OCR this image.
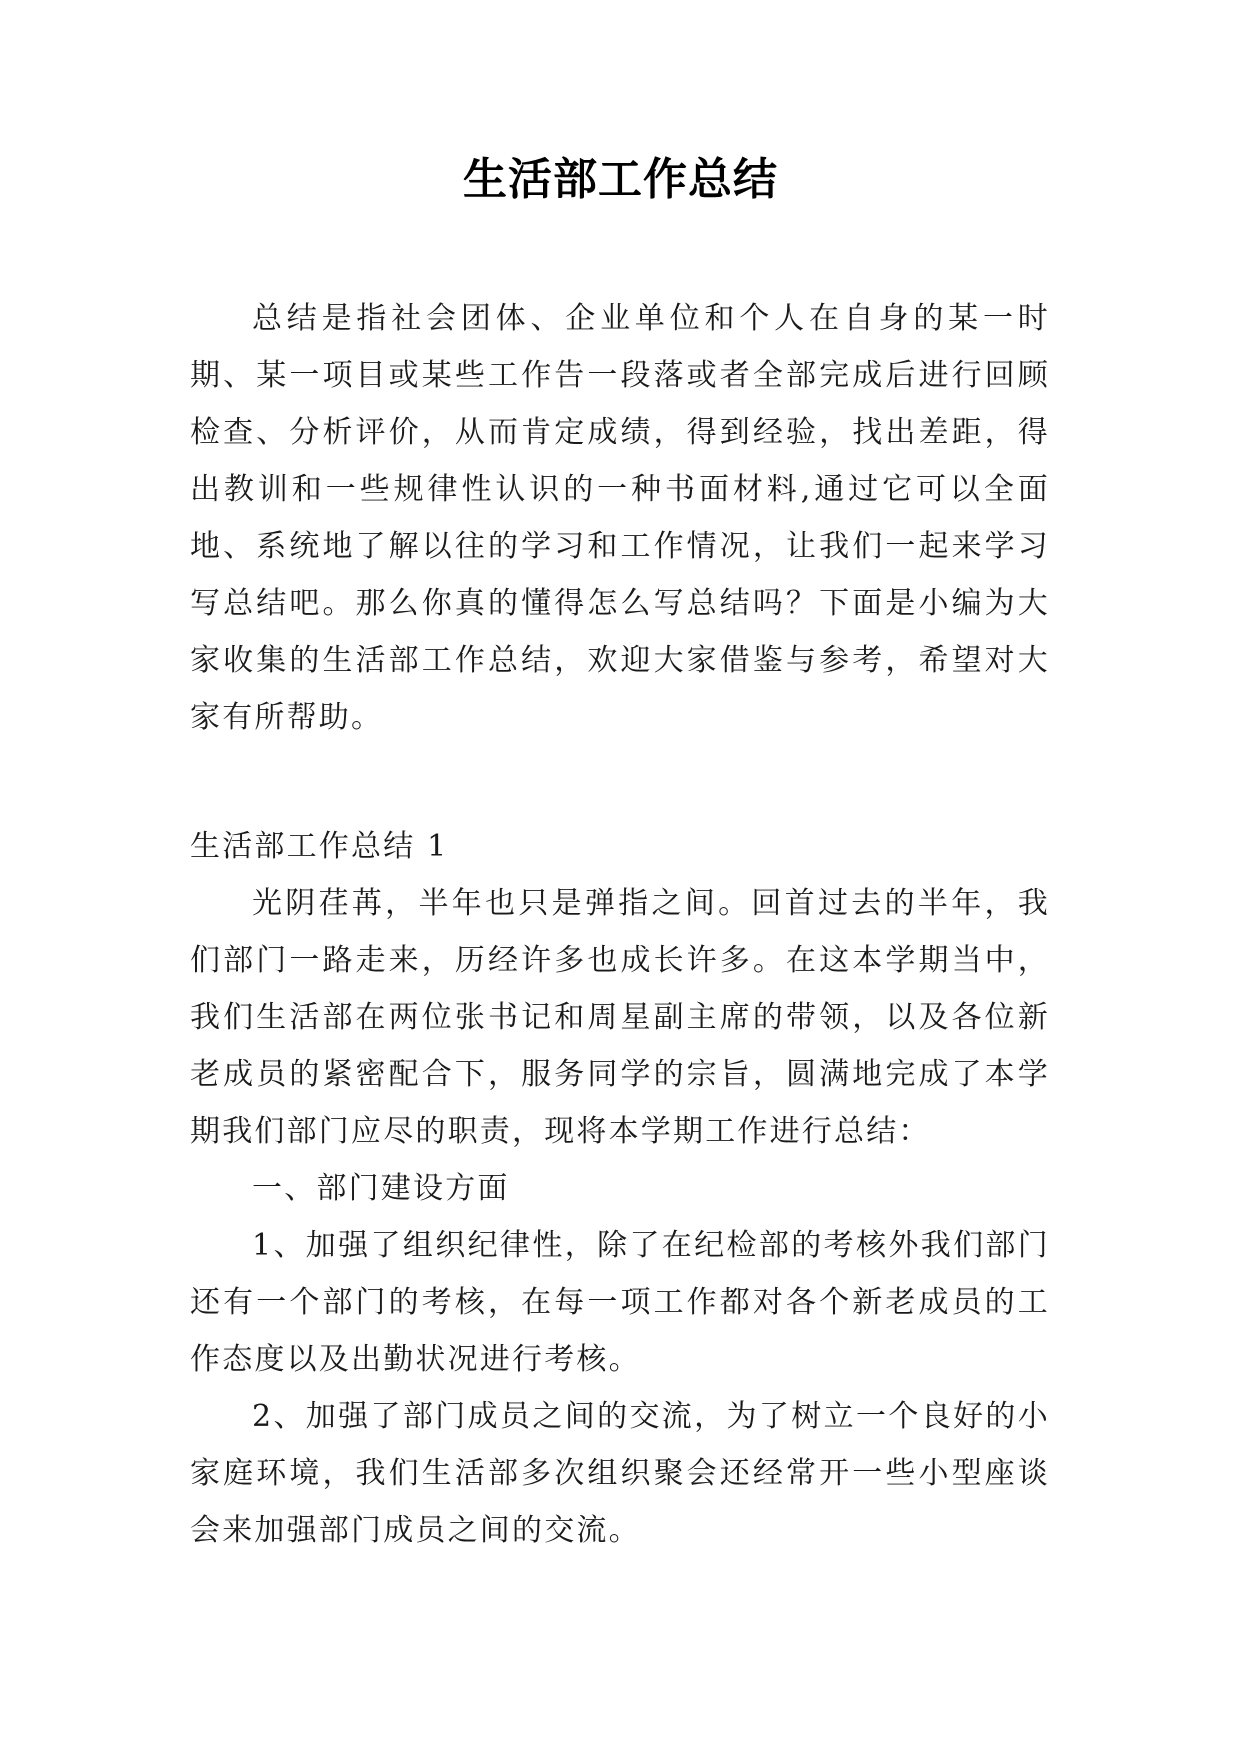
生活部工作总结

总结是指社会团体、企业单位和个人在自身的某一时期、某一项目或某些工作告一段落或者全部完成后进行回顾检查、分析评价，从而肯定成绩，得到经验，找出差距，得出教训和一些规律性认识的一种书面材料,通过它可以全面地、系统地了解以往的学习和工作情况，让我们一起来学习写总结吧。那么你真的懂得怎么写总结吗？下面是小编为大家收集的生活部工作总结，欢迎大家借鉴与参考，希望对大家有所帮助。

生活部工作总结 1

光阴荏苒，半年也只是弹指之间。回首过去的半年，我们部门一路走来，历经许多也成长许多。在这本学期当中，我们生活部在两位张书记和周星副主席的带领，以及各位新老成员的紧密配合下，服务同学的宗旨，圆满地完成了本学期我们部门应尽的职责，现将本学期工作进行总结：

一、部门建设方面

1、加强了组织纪律性，除了在纪检部的考核外我们部门还有一个部门的考核，在每一项工作都对各个新老成员的工作态度以及出勤状况进行考核。

2、加强了部门成员之间的交流，为了树立一个良好的小家庭环境，我们生活部多次组织聚会还经常开一些小型座谈会来加强部门成员之间的交流。
